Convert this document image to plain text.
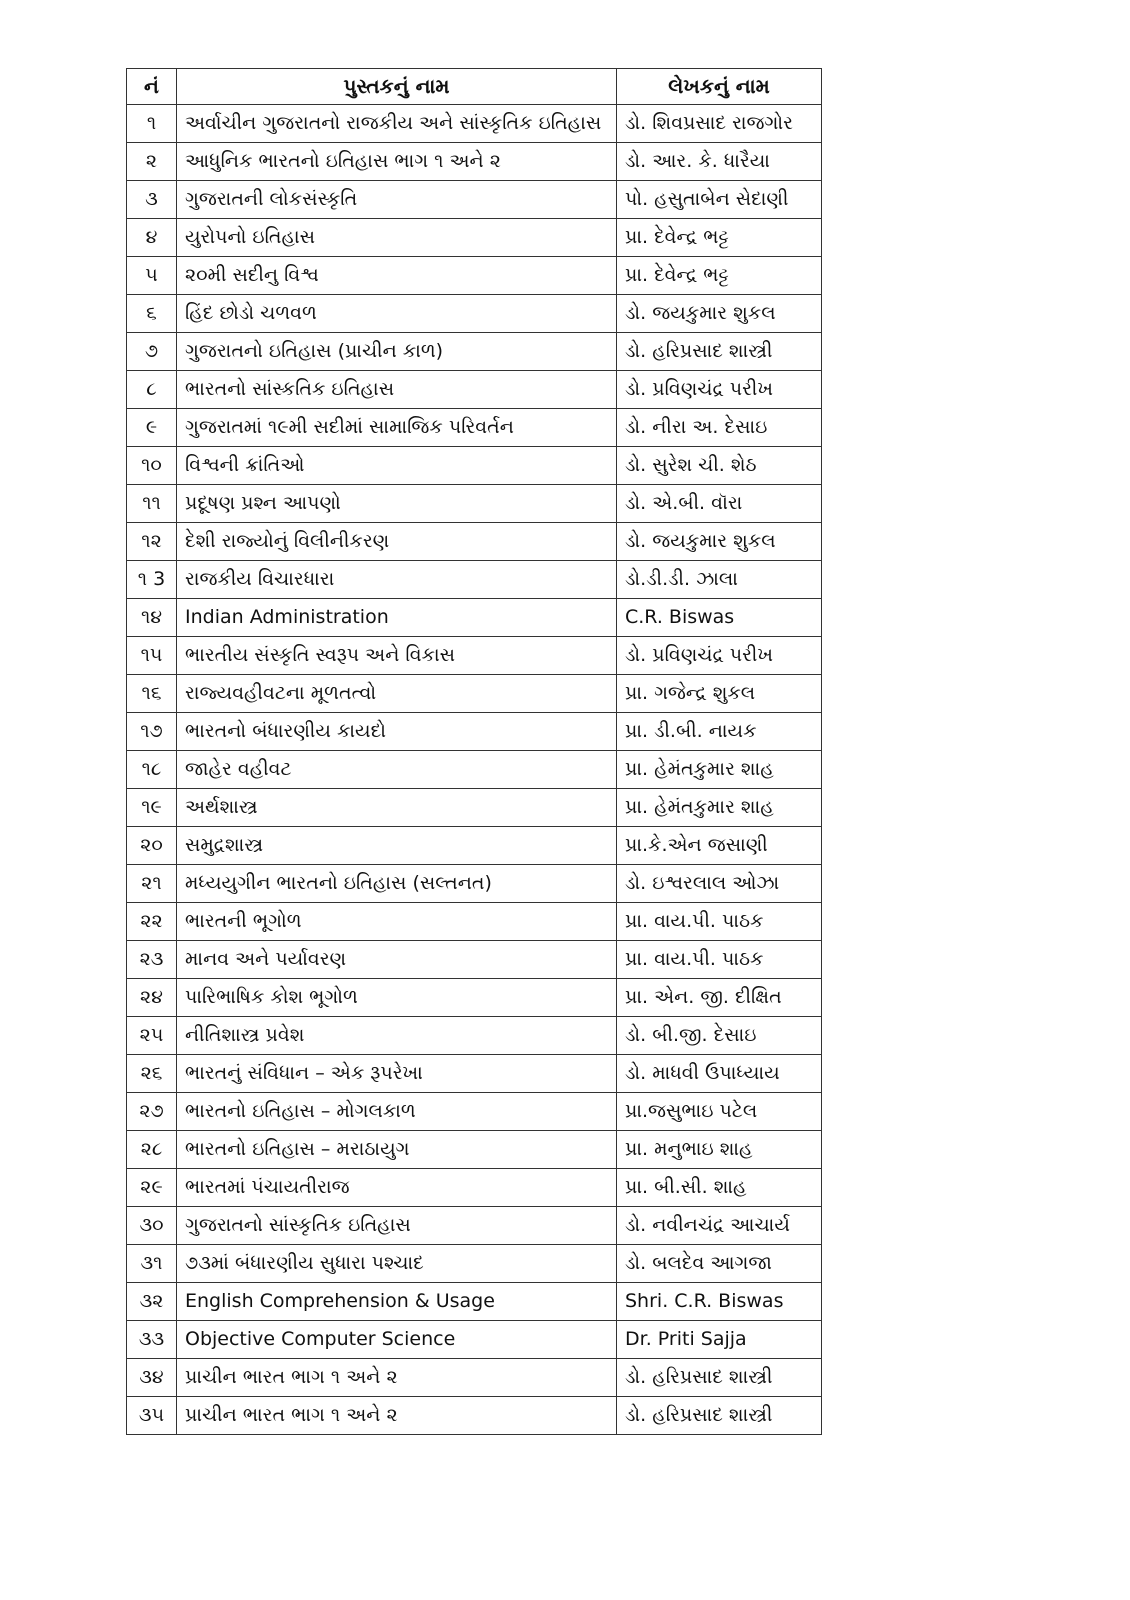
નં	પુસ્તકનું નામ	લેખકનું નામ
૧	અર્વાચીન ગુજરાતનો રાજકીય અને સાંસ્કૃતિક ઇતિહાસ	ડો. શિવપ્રસાદ રાજગોર
૨	આધુનિક ભારતનો ઇતિહાસ ભાગ ૧ અને ૨	ડો. આર. કે. ધારૈયા
૩	ગુજરાતની લોકસંસ્કૃતિ	પો. હસુતાબેન સેદાણી
૪	યુરોપનો ઇતિહાસ	પ્રા. દેવેન્દ્ર ભટ્ટ
૫	૨૦મી સદીનુ વિશ્વ	પ્રા. દેવેન્દ્ર ભટ્ટ
૬	હિંદ છોડો ચળવળ	ડો. જયકુમાર શુકલ
૭	ગુજરાતનો ઇતિહાસ (પ્રાચીન કાળ)	ડો. હરિપ્રસાદ શાસ્ત્રી
૮	ભારતનો સાંસ્કતિક ઇતિહાસ	ડો. પ્રવિણચંદ્ર પરીખ
૯	ગુજરાતમાં ૧૯મી સદીમાં સામાજિક પરિવર્તન	ડો. નીરા અ. દેસાઇ
૧૦	વિશ્વની ક્રાંતિઓ	ડો. સુરેશ ચી. શેઠ
૧૧	પ્રદૂષણ પ્રશ્ન આપણો	ડો. એ.બી. વૉરા
૧૨	દેશી રાજ્યોનું વિલીનીકરણ	ડો. જયકુમાર શુકલ
૧ 3	રાજકીય વિચારધારા	ડો.ડી.ડી. ઝાલા
૧૪	Indian Administration	C.R. Biswas
૧૫	ભારતીય સંસ્કૃતિ સ્વરૂપ અને વિકાસ	ડો. પ્રવિણચંદ્ર પરીખ
૧૬	રાજ્યવહીવટના મૂળતત્વો	પ્રા. ગજેન્દ્ર શુકલ
૧૭	ભારતનો બંધારણીય કાયદો	પ્રા. ડી.બી. નાયક
૧૮	જાહેર વહીવટ	પ્રા. હેમંતકુમાર શાહ
૧૯	અર્થશાસ્ત્ર	પ્રા. હેમંતકુમાર શાહ
૨૦	સમુદ્રશાસ્ત્ર	પ્રા.કે.એન જસાણી
૨૧	મધ્યયુગીન ભારતનો ઇતિહાસ (સલ્તનત)	ડો. ઇશ્વરલાલ ઓઝા
૨૨	ભારતની ભૂગોળ	પ્રા. વાય.પી. પાઠક
૨૩	માનવ અને પર્યાવરણ	પ્રા. વાય.પી. પાઠક
૨૪	પારિભાષિક કોશ ભૂગોળ	પ્રા. એન. જી. દીક્ષિત
૨૫	નીતિશાસ્ત્ર પ્રવેશ	ડો. બી.જી. દેસાઇ
૨૬	ભારતનું સંવિધાન – એક રૂપરેખા	ડો. માધવી ઉપાધ્યાય
૨૭	ભારતનો ઇતિહાસ – મોગલકાળ	પ્રા.જસુભાઇ પટેલ
૨૮	ભારતનો ઇતિહાસ – મરાઠાયુગ	પ્રા. મનુભાઇ શાહ
૨૯	ભારતમાં પંચાયતીરાજ	પ્રા. બી.સી. શાહ
૩૦	ગુજરાતનો સાંસ્કૃતિક ઇતિહાસ	ડો. નવીનચંદ્ર આચાર્ય
૩૧	૭૩માં બંધારણીય સુધારા પશ્ચાદ	ડો. બલદેવ આગજા
૩૨	English Comprehension & Usage	Shri. C.R. Biswas
૩૩	Objective Computer Science	Dr. Priti Sajja
૩૪	પ્રાચીન ભારત ભાગ ૧ અને ૨	ડો. હરિપ્રસાદ શાસ્ત્રી
૩૫	પ્રાચીન ભારત ભાગ ૧ અને ૨	ડો. હરિપ્રસાદ શાસ્ત્રી
